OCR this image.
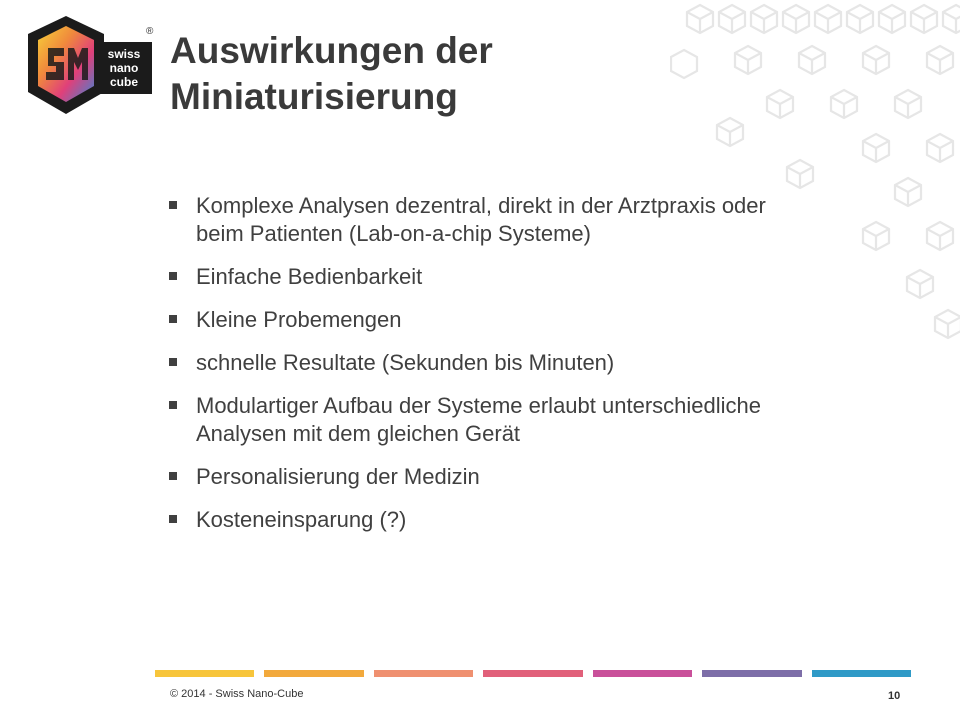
swiss
nano
cube
® Auswirkungen der
Miniaturisierung
Komplexe Analysen dezentral, direkt in der Arztpraxis oder
beim Patienten (Lab-on-a-chip Systeme)
Einfache Bedienbarkeit
Kleine Probemengen
schnelle Resultate (Sekunden bis Minuten)
Modulartiger Aufbau der Systeme erlaubt unterschiedliche
Analysen mit dem gleichen Gerät
Personalisierung der Medizin
Kosteneinsparung (?)
© 2014 - Swiss Nano-Cube	10
